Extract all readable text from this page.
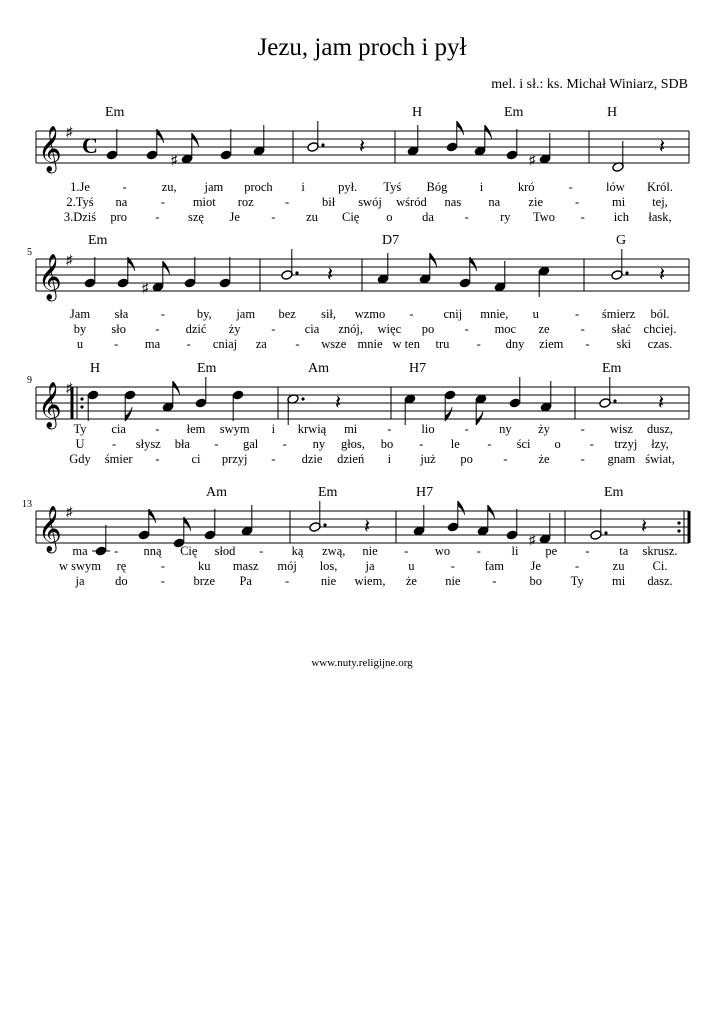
Jezu, jam proch i pył
mel. i sł.: ks. Michał Winiarz, SDB
www.nuty.religijne.org
𝄞 ♯
C
Em	H	Em	H
♯
𝄽
♯
𝄽
1.Je	-	zu, jam proch i	pył. Tyś Bóg	i	kró	-	lów Król.
2.Tyś na	- miot roz	-	bił swój wśród nas na zie	-	mi tej,
3.Dziś pro - szę Je	- zu Cię o da -	ry Two - ich łask,
𝄞 ♯
5
Em	D7	G
♯
𝄽	𝄽
Jam sła	-	by, jam bez sił, wzmo - cnij mnie, u	- śmierz ból.
by sło - dzić ży - cia znój, więc po - moc ze - słać chciej.
u - ma - cniaj za - wsze mnie w ten tru - dny ziem - ski czas.
𝄞 ♯
9
H	Em	Am	H7	Em
𝄽	𝄽
Ty cia - łem swym i krwią mi - lio - ny ży - wisz dusz,
U - słysz bła - gal - ny głos, bo - le - ści o - trzyj łzy,
Gdy śmier -	ci przyj - dzie dzień i już po - że - gnam świat,
𝄞 ♯
13
Am	Em	H7	Em
𝄽
♯
𝄽
ma - nną Cię słod - ką zwą, nie - wo - li pe - ta skrusz.
w swym rę	-	ku masz mój los, ja	u	- fam Je	-	zu Ci.
ja do	- brze Pa	-	nie wiem, że nie	-	bo Ty mi dasz.
